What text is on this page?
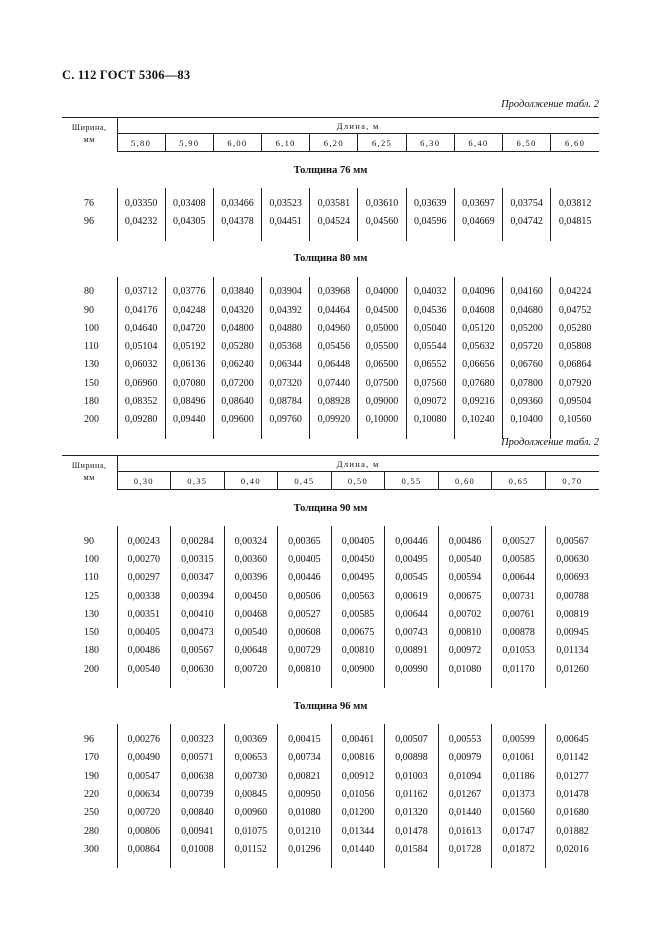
С. 112 ГОСТ 5306—83
Продолжение табл. 2
Ширина,
мм	Длина, м									
	5,80	5,90	6,00	6,10	6,20	6,25	6,30	6,40	6,50	6,60
Толщина 76 мм										

76	0,03350	0,03408	0,03466	0,03523	0,03581	0,03610	0,03639	0,03697	0,03754	0,03812
96	0,04232	0,04305	0,04378	0,04451	0,04524	0,04560	0,04596	0,04669	0,04742	0,04815

Толщина 80 мм										

80	0,03712	0,03776	0,03840	0,03904	0,03968	0,04000	0,04032	0,04096	0,04160	0,04224
90	0,04176	0,04248	0,04320	0,04392	0,04464	0,04500	0,04536	0,04608	0,04680	0,04752
100	0,04640	0,04720	0,04800	0,04880	0,04960	0,05000	0,05040	0,05120	0,05200	0,05280
110	0,05104	0,05192	0,05280	0,05368	0,05456	0,05500	0,05544	0,05632	0,05720	0,05808
130	0,06032	0,06136	0,06240	0,06344	0,06448	0,06500	0,06552	0,06656	0,06760	0,06864
150	0,06960	0,07080	0,07200	0,07320	0,07440	0,07500	0,07560	0,07680	0,07800	0,07920
180	0,08352	0,08496	0,08640	0,08784	0,08928	0,09000	0,09072	0,09216	0,09360	0,09504
200	0,09280	0,09440	0,09600	0,09760	0,09920	0,10000	0,10080	0,10240	0,10400	0,10560

Продолжение табл. 2
Ширина,
мм	Длина, м								
	0,30	0,35	0,40	0,45	0,50	0,55	0,60	0,65	0,70
Толщина 90 мм									

90	0,00243	0,00284	0,00324	0,00365	0,00405	0,00446	0,00486	0,00527	0,00567
100	0,00270	0,00315	0,00360	0,00405	0,00450	0,00495	0,00540	0,00585	0,00630
110	0,00297	0,00347	0,00396	0,00446	0,00495	0,00545	0,00594	0,00644	0,00693
125	0,00338	0,00394	0,00450	0,00506	0,00563	0,00619	0,00675	0,00731	0,00788
130	0,00351	0,00410	0,00468	0,00527	0,00585	0,00644	0,00702	0,00761	0,00819
150	0,00405	0,00473	0,00540	0,00608	0,00675	0,00743	0,00810	0,00878	0,00945
180	0,00486	0,00567	0,00648	0,00729	0,00810	0,00891	0,00972	0,01053	0,01134
200	0,00540	0,00630	0,00720	0,00810	0,00900	0,00990	0,01080	0,01170	0,01260

Толщина 96 мм									

96	0,00276	0,00323	0,00369	0,00415	0,00461	0,00507	0,00553	0,00599	0,00645
170	0,00490	0,00571	0,00653	0,00734	0,00816	0,00898	0,00979	0,01061	0,01142
190	0,00547	0,00638	0,00730	0,00821	0,00912	0,01003	0,01094	0,01186	0,01277
220	0,00634	0,00739	0,00845	0,00950	0,01056	0,01162	0,01267	0,01373	0,01478
250	0,00720	0,00840	0,00960	0,01080	0,01200	0,01320	0,01440	0,01560	0,01680
280	0,00806	0,00941	0,01075	0,01210	0,01344	0,01478	0,01613	0,01747	0,01882
300	0,00864	0,01008	0,01152	0,01296	0,01440	0,01584	0,01728	0,01872	0,02016
